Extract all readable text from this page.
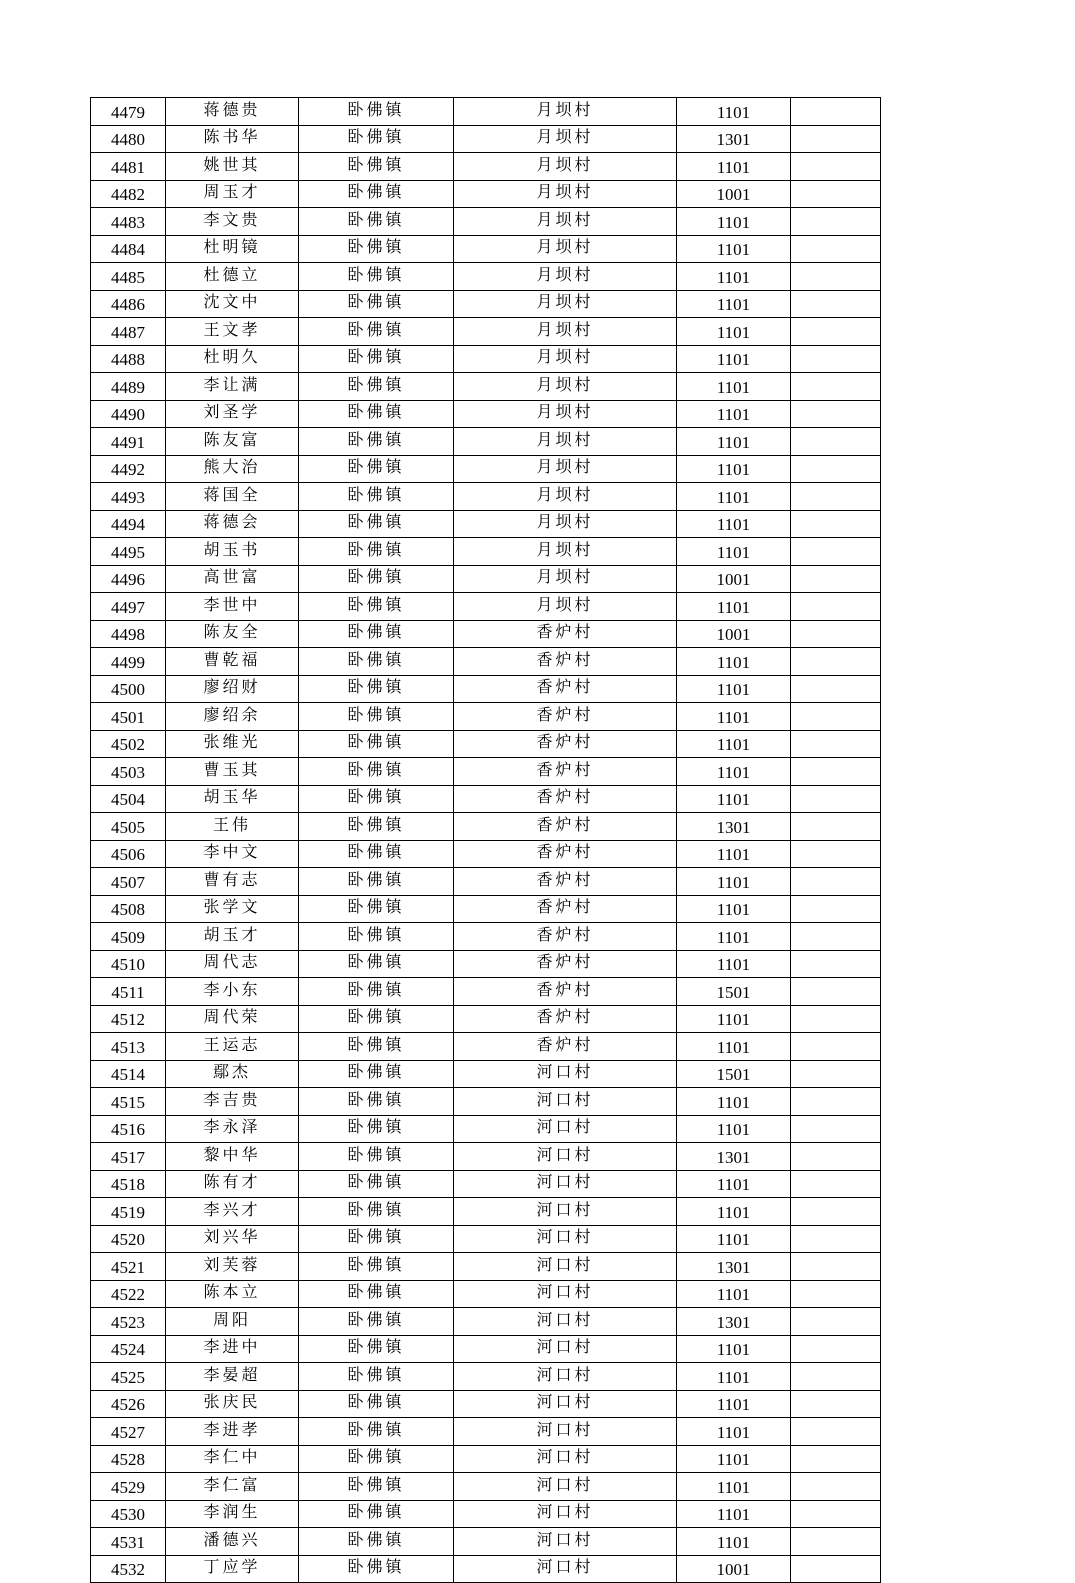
4479	蒋德贵	卧佛镇	月坝村	1101	
4480	陈书华	卧佛镇	月坝村	1301	
4481	姚世其	卧佛镇	月坝村	1101	
4482	周玉才	卧佛镇	月坝村	1001	
4483	李文贵	卧佛镇	月坝村	1101	
4484	杜明镜	卧佛镇	月坝村	1101	
4485	杜德立	卧佛镇	月坝村	1101	
4486	沈文中	卧佛镇	月坝村	1101	
4487	王文孝	卧佛镇	月坝村	1101	
4488	杜明久	卧佛镇	月坝村	1101	
4489	李让满	卧佛镇	月坝村	1101	
4490	刘圣学	卧佛镇	月坝村	1101	
4491	陈友富	卧佛镇	月坝村	1101	
4492	熊大治	卧佛镇	月坝村	1101	
4493	蒋国全	卧佛镇	月坝村	1101	
4494	蒋德会	卧佛镇	月坝村	1101	
4495	胡玉书	卧佛镇	月坝村	1101	
4496	高世富	卧佛镇	月坝村	1001	
4497	李世中	卧佛镇	月坝村	1101	
4498	陈友全	卧佛镇	香炉村	1001	
4499	曹乾福	卧佛镇	香炉村	1101	
4500	廖绍财	卧佛镇	香炉村	1101	
4501	廖绍余	卧佛镇	香炉村	1101	
4502	张维光	卧佛镇	香炉村	1101	
4503	曹玉其	卧佛镇	香炉村	1101	
4504	胡玉华	卧佛镇	香炉村	1101	
4505	王伟	卧佛镇	香炉村	1301	
4506	李中文	卧佛镇	香炉村	1101	
4507	曹有志	卧佛镇	香炉村	1101	
4508	张学文	卧佛镇	香炉村	1101	
4509	胡玉才	卧佛镇	香炉村	1101	
4510	周代志	卧佛镇	香炉村	1101	
4511	李小东	卧佛镇	香炉村	1501	
4512	周代荣	卧佛镇	香炉村	1101	
4513	王运志	卧佛镇	香炉村	1101	
4514	鄢杰	卧佛镇	河口村	1501	
4515	李吉贵	卧佛镇	河口村	1101	
4516	李永泽	卧佛镇	河口村	1101	
4517	黎中华	卧佛镇	河口村	1301	
4518	陈有才	卧佛镇	河口村	1101	
4519	李兴才	卧佛镇	河口村	1101	
4520	刘兴华	卧佛镇	河口村	1101	
4521	刘芙蓉	卧佛镇	河口村	1301	
4522	陈本立	卧佛镇	河口村	1101	
4523	周阳	卧佛镇	河口村	1301	
4524	李进中	卧佛镇	河口村	1101	
4525	李晏超	卧佛镇	河口村	1101	
4526	张庆民	卧佛镇	河口村	1101	
4527	李进孝	卧佛镇	河口村	1101	
4528	李仁中	卧佛镇	河口村	1101	
4529	李仁富	卧佛镇	河口村	1101	
4530	李润生	卧佛镇	河口村	1101	
4531	潘德兴	卧佛镇	河口村	1101	
4532	丁应学	卧佛镇	河口村	1001	
